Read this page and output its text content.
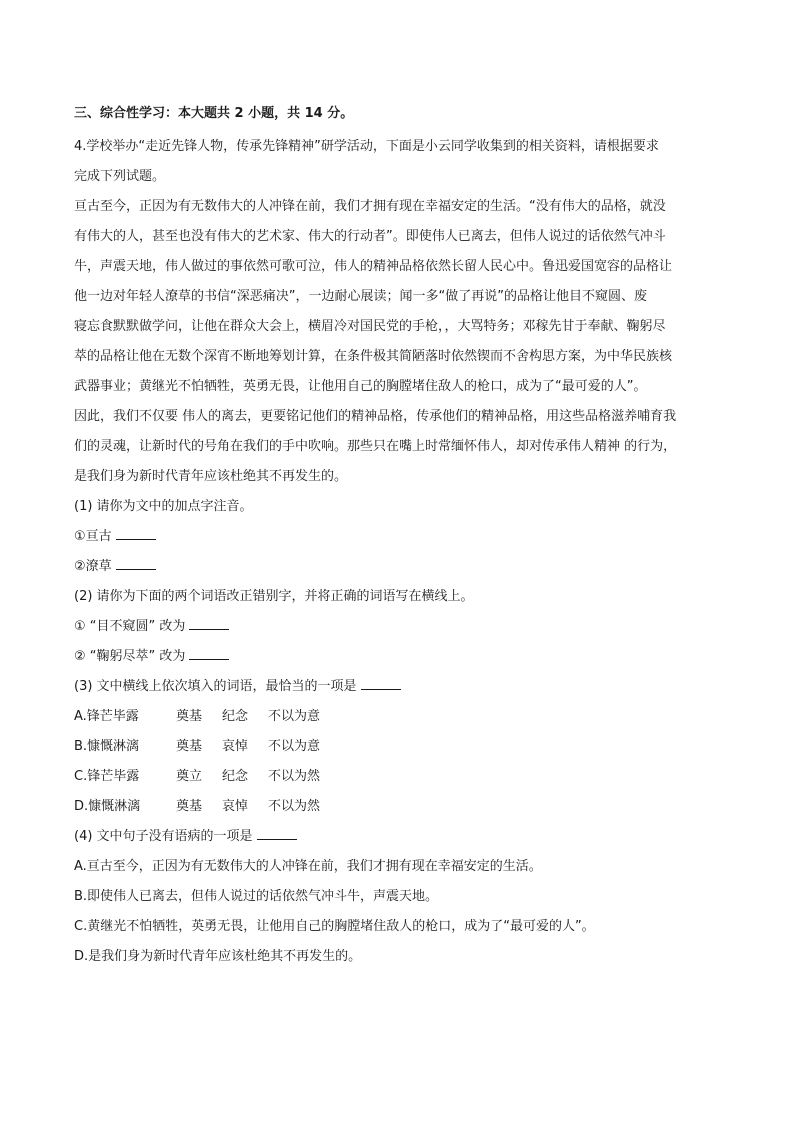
三、综合性学习：本大题共 2 小题，共 14 分。

4.学校举办“走近先锋人物，传承先锋精神”研学活动，下面是小云同学收集到的相关资料，请根据要求

完成下列试题。

亘古至今，正因为有无数伟大的人冲锋在前，我们才拥有现在幸福安定的生活。“没有伟大的品格，就没

有伟大的人，甚至也没有伟大的艺术家、伟大的行动者”。即使伟人已离去，但伟人说过的话依然气冲斗

牛，声震天地，伟人做过的事依然可歌可泣，伟人的精神品格依然长留人民心中。鲁迅爱国宽容的品格让

他一边对年轻人潦草的书信“深恶痛决”，一边耐心展读；闻一多“做了再说”的品格让他目不窥圆、废

寝忘食默默做学问，让他在群众大会上，横眉冷对国民党的手枪，，大骂特务；邓稼先甘于奉献、鞠躬尽

萃的品格让他在无数个深宵不断地筹划计算，在条件极其简陋落时依然锲而不舍构思方案，为中华民族核

武器事业；黄继光不怕牺牲，英勇无畏，让他用自己的胸膛堵住敌人的枪口，成为了“最可爱的人”。

因此，我们不仅要 伟人的离去，更要铭记他们的精神品格，传承他们的精神品格，用这些品格滋养哺育我

们的灵魂，让新时代的号角在我们的手中吹响。那些只在嘴上时常缅怀伟人，却对传承伟人精神 的行为，

是我们身为新时代青年应该杜绝其不再发生的。

(1) 请你为文中的加点字注音。

①亘古

②潦草

(2) 请你为下面的两个词语改正错别字，并将正确的词语写在横线上。

① “目不窥圆” 改为

② “鞠躬尽萃” 改为

(3) 文中横线上依次填入的词语，最恰当的一项是

A.锋芒毕露	奠基	纪念	不以为意
B.慷慨淋漓	奠基	哀悼	不以为意
C.锋芒毕露	奠立	纪念	不以为然
D.慷慨淋漓	奠基	哀悼	不以为然

(4) 文中句子没有语病的一项是

A.亘古至今，正因为有无数伟大的人冲锋在前，我们才拥有现在幸福安定的生活。

B.即使伟人已离去，但伟人说过的话依然气冲斗牛，声震天地。

C.黄继光不怕牺牲，英勇无畏，让他用自己的胸膛堵住敌人的枪口，成为了“最可爱的人”。

D.是我们身为新时代青年应该杜绝其不再发生的。
